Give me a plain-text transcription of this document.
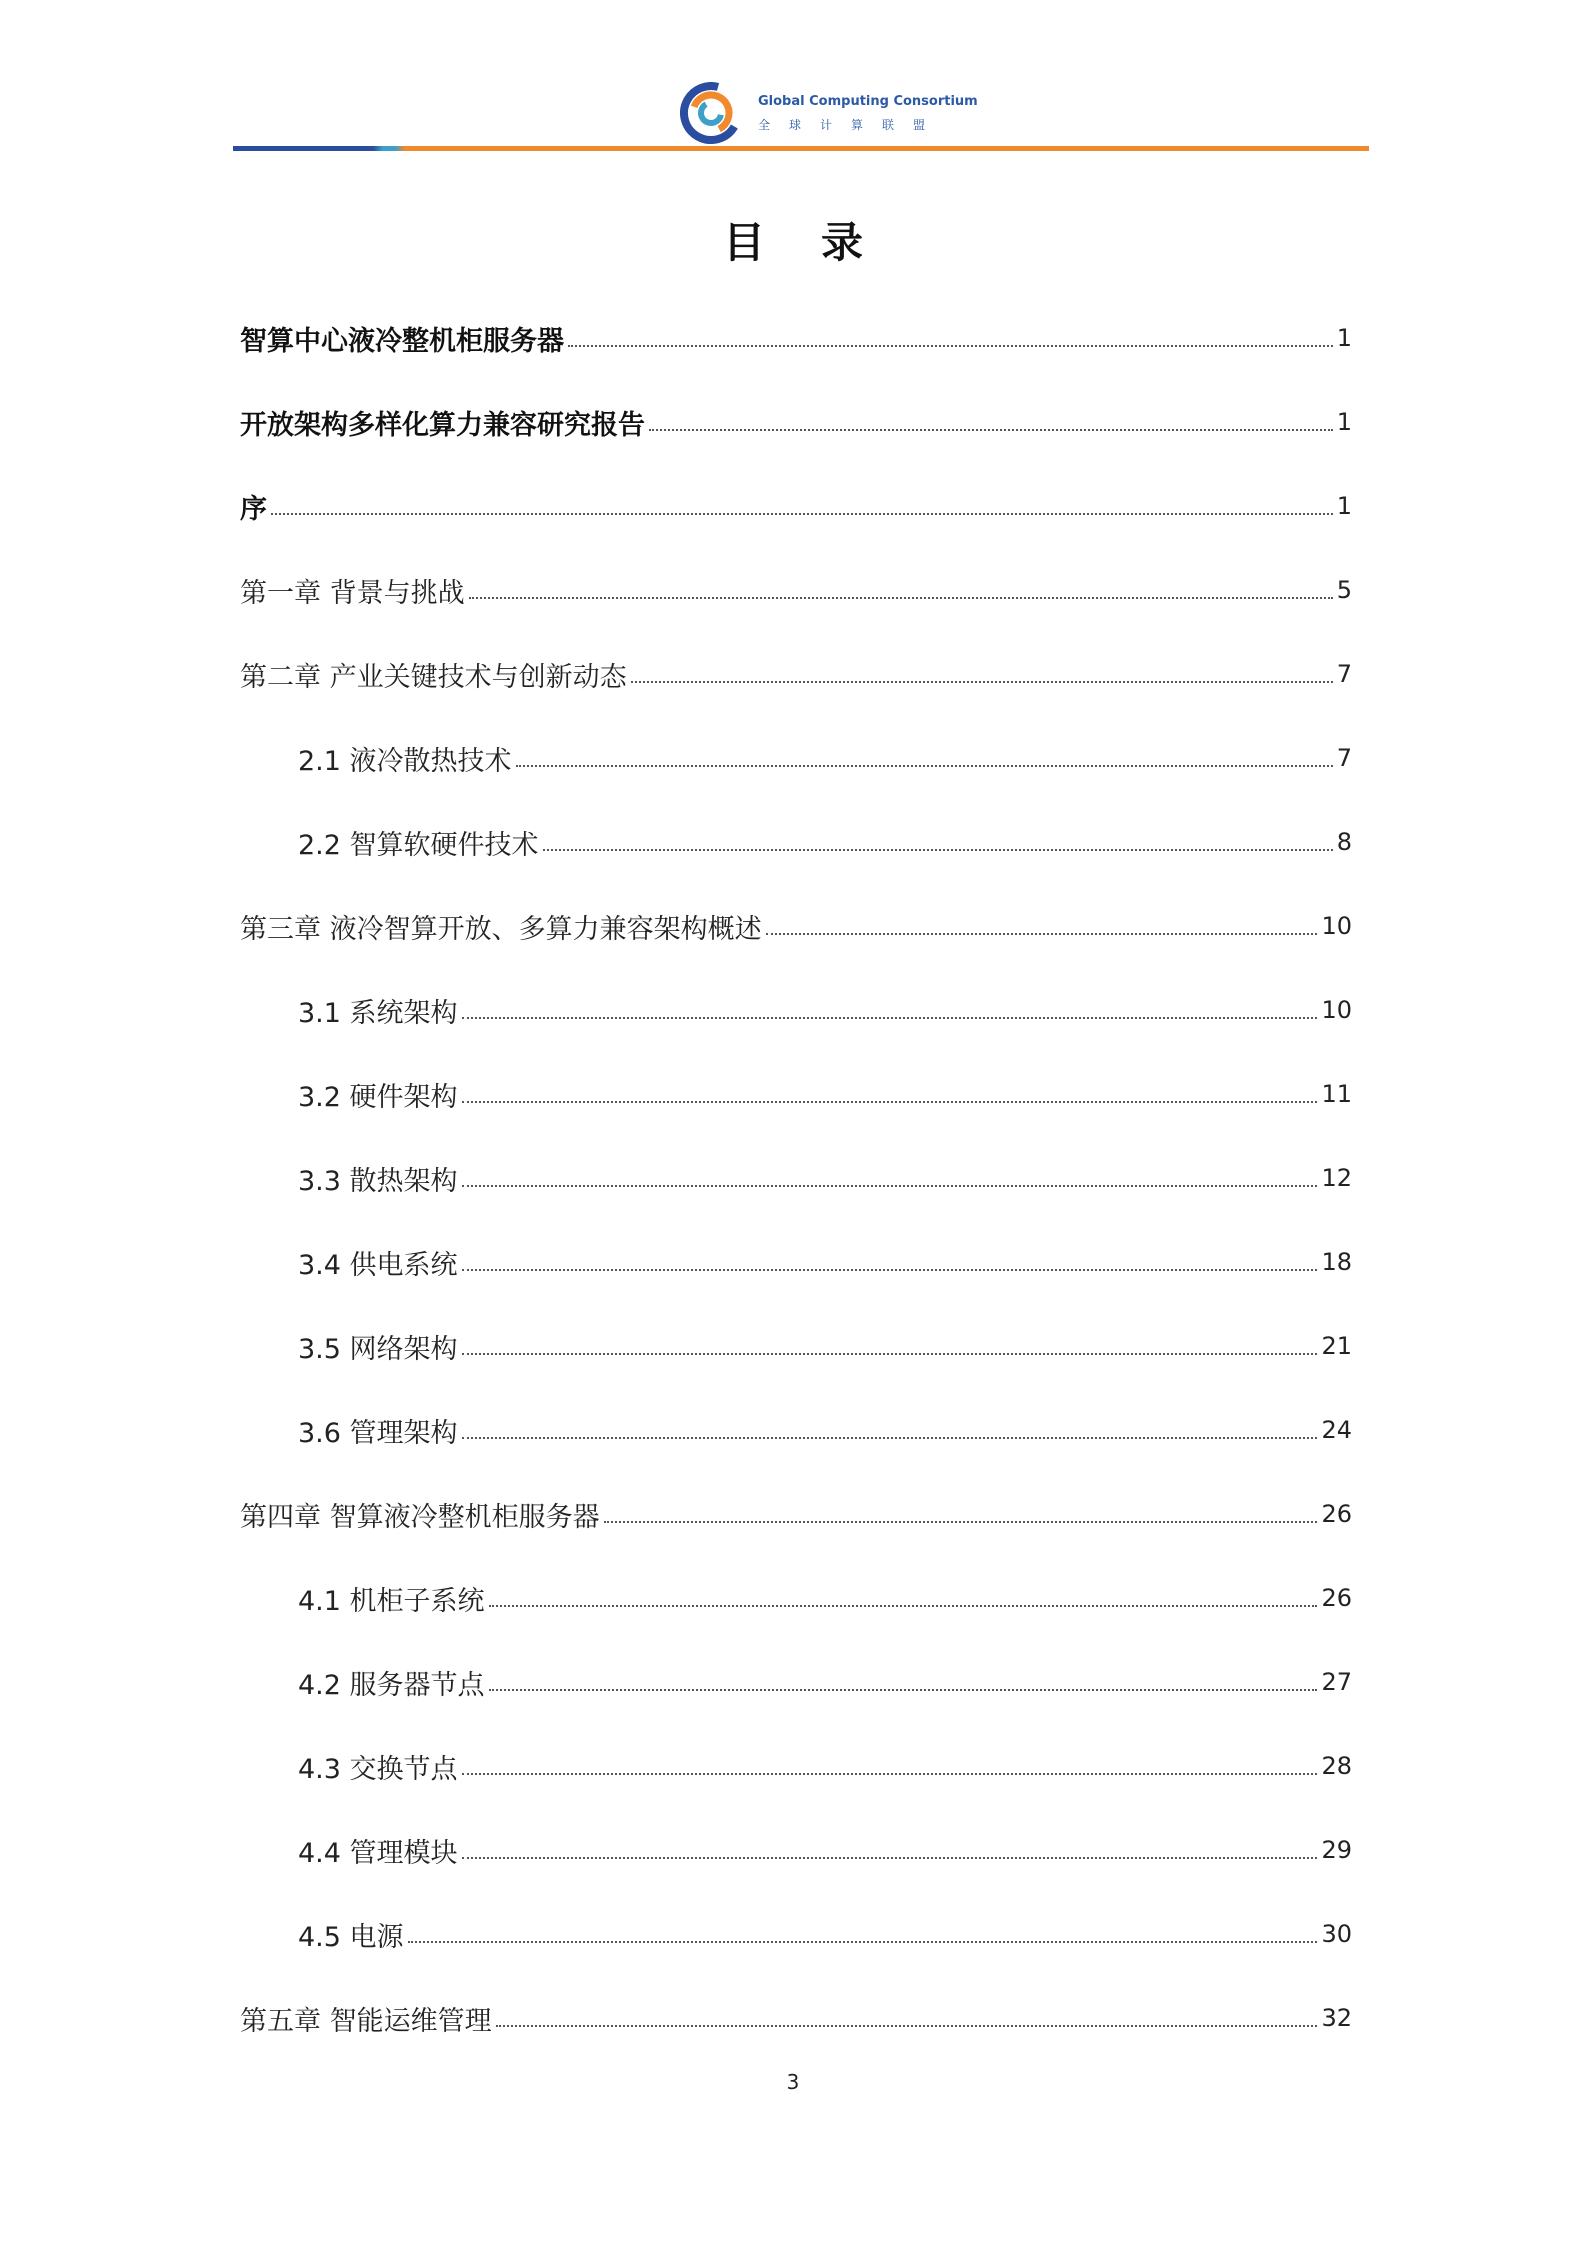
Global Computing Consortium
全球计算联盟
目录
智算中心液冷整机柜服务器	1
开放架构多样化算力兼容研究报告	1
序	1
第一章 背景与挑战	5
第二章 产业关键技术与创新动态	7
2.1 液冷散热技术	7
2.2 智算软硬件技术	8
第三章 液冷智算开放、多算力兼容架构概述	10
3.1 系统架构	10
3.2 硬件架构	11
3.3 散热架构	12
3.4 供电系统	18
3.5 网络架构	21
3.6 管理架构	24
第四章 智算液冷整机柜服务器	26
4.1 机柜子系统	26
4.2 服务器节点	27
4.3 交换节点	28
4.4 管理模块	29
4.5 电源	30
第五章 智能运维管理	32
3
